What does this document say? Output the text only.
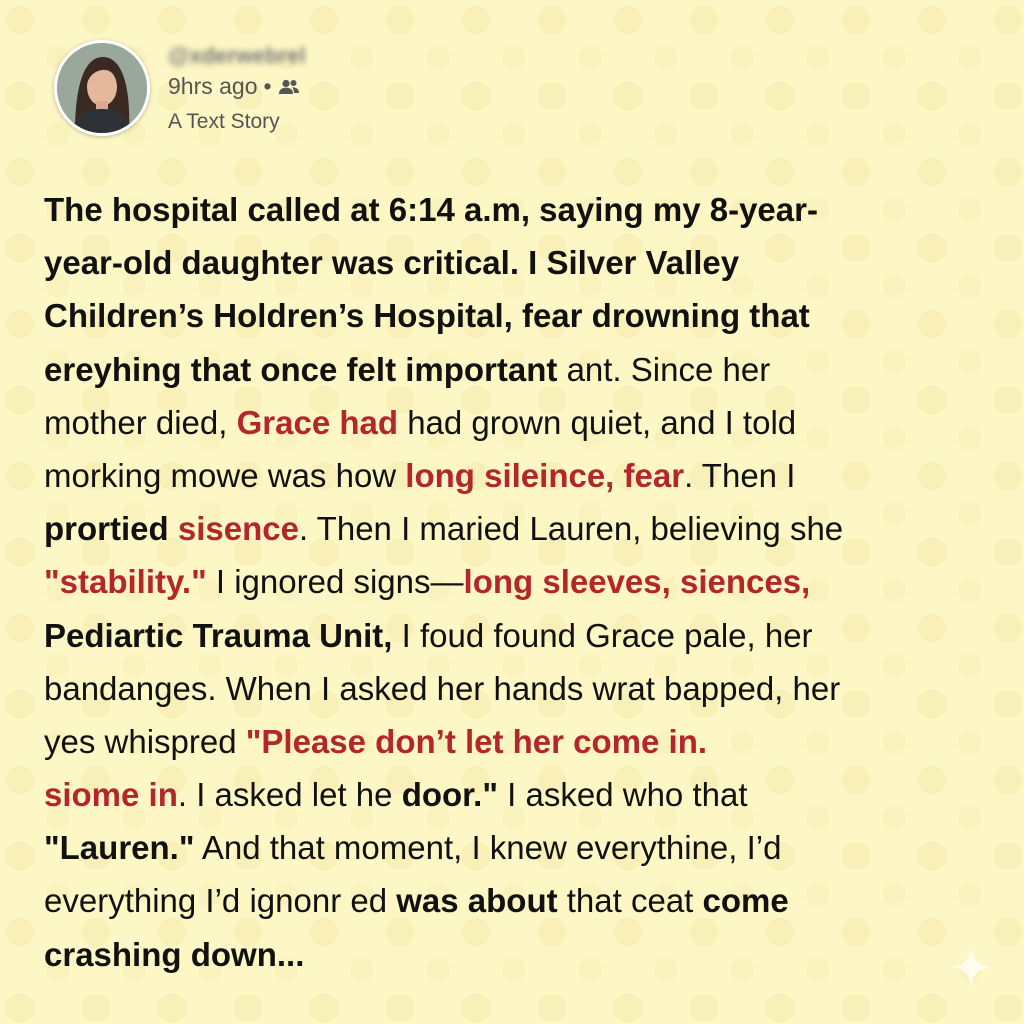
@xderwebrel
9hrs ago •
A Text Story
The hospital called at 6:14 a.m, saying my 8-year-
year-old daughter was critical. I Silver Valley
Children’s Holdren’s Hospital, fear drowning that
ereyhing that once felt important ant. Since her
mother died, Grace had had grown quiet, and I told
morking mowe was how long sileince, fear. Then I
prortied sisence. Then I maried Lauren, believing she
"stability." I ignored signs—long sleeves, siences,
Pediartic Trauma Unit, I foud found Grace pale, her
bandanges. When I asked her hands wrat bapped, her
yes whispred "Please don’t let her come in.
siome in. I asked let he door." I asked who that
"Lauren." And that moment, I knew everythine, I’d
everything I’d ignonr ed was about that ceat come
crashing down...
